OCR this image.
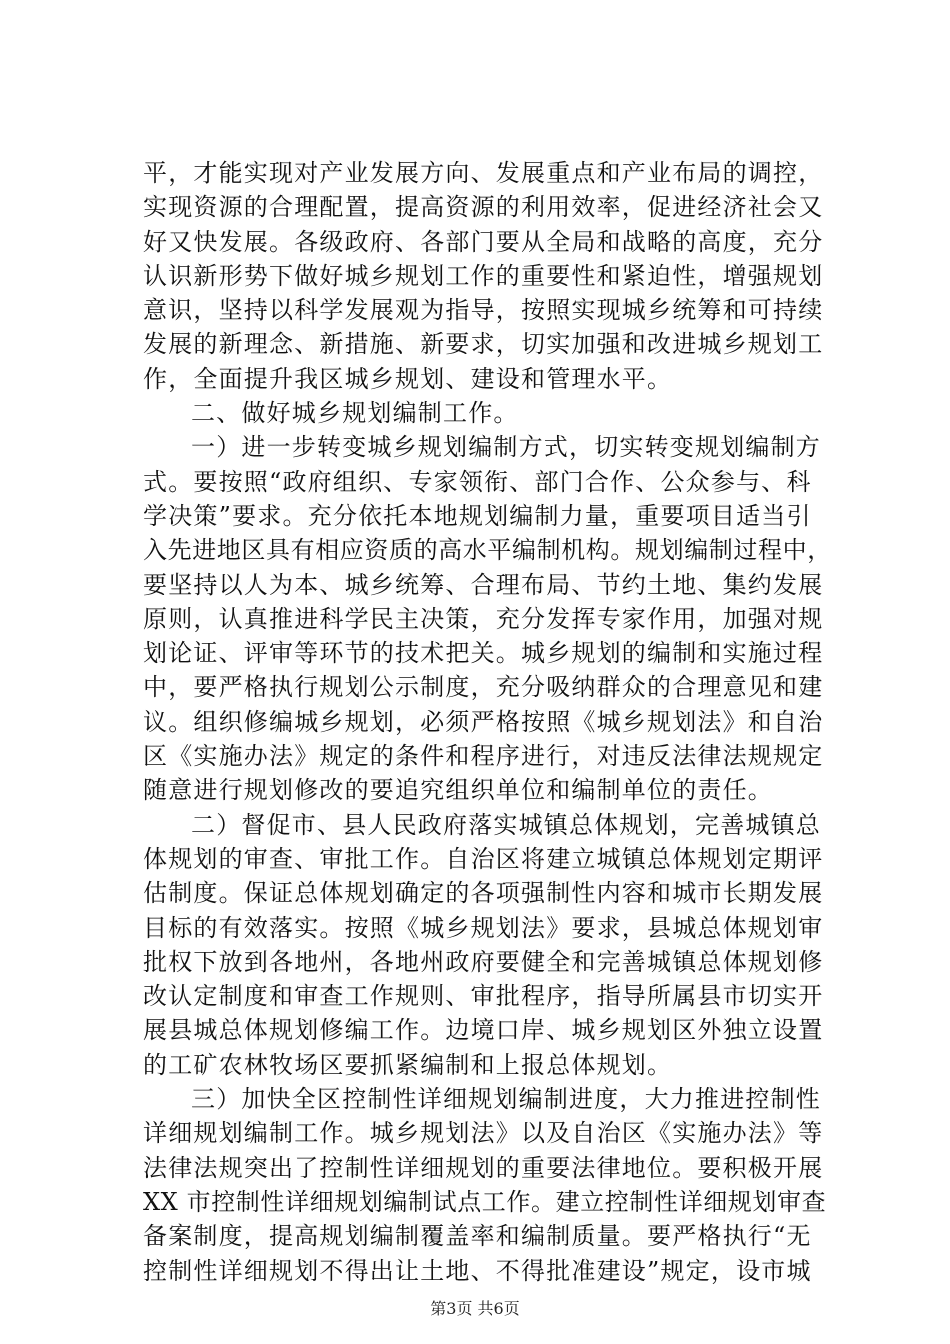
平，才能实现对产业发展方向、发展重点和产业布局的调控，
实现资源的合理配置，提高资源的利用效率，促进经济社会又
好又快发展。各级政府、各部门要从全局和战略的高度，充分
认识新形势下做好城乡规划工作的重要性和紧迫性，增强规划
意识，坚持以科学发展观为指导，按照实现城乡统筹和可持续
发展的新理念、新措施、新要求，切实加强和改进城乡规划工
作，全面提升我区城乡规划、建设和管理水平。
二、做好城乡规划编制工作。
一）进一步转变城乡规划编制方式，切实转变规划编制方
式。要按照“政府组织、专家领衔、部门合作、公众参与、科
学决策”要求。充分依托本地规划编制力量，重要项目适当引
入先进地区具有相应资质的高水平编制机构。规划编制过程中，
要坚持以人为本、城乡统筹、合理布局、节约土地、集约发展
原则，认真推进科学民主决策，充分发挥专家作用，加强对规
划论证、评审等环节的技术把关。城乡规划的编制和实施过程
中，要严格执行规划公示制度，充分吸纳群众的合理意见和建
议。组织修编城乡规划，必须严格按照《城乡规划法》和自治
区《实施办法》规定的条件和程序进行，对违反法律法规规定
随意进行规划修改的要追究组织单位和编制单位的责任。
二）督促市、县人民政府落实城镇总体规划，完善城镇总
体规划的审查、审批工作。自治区将建立城镇总体规划定期评
估制度。保证总体规划确定的各项强制性内容和城市长期发展
目标的有效落实。按照《城乡规划法》要求，县城总体规划审
批权下放到各地州，各地州政府要健全和完善城镇总体规划修
改认定制度和审查工作规则、审批程序，指导所属县市切实开
展县城总体规划修编工作。边境口岸、城乡规划区外独立设置
的工矿农林牧场区要抓紧编制和上报总体规划。
三）加快全区控制性详细规划编制进度，大力推进控制性
详细规划编制工作。城乡规划法》以及自治区《实施办法》等
法律法规突出了控制性详细规划的重要法律地位。要积极开展
XX 市控制性详细规划编制试点工作。建立控制性详细规划审查
备案制度，提高规划编制覆盖率和编制质量。要严格执行“无
控制性详细规划不得出让土地、不得批准建设”规定，设市城
第3页 共6页
